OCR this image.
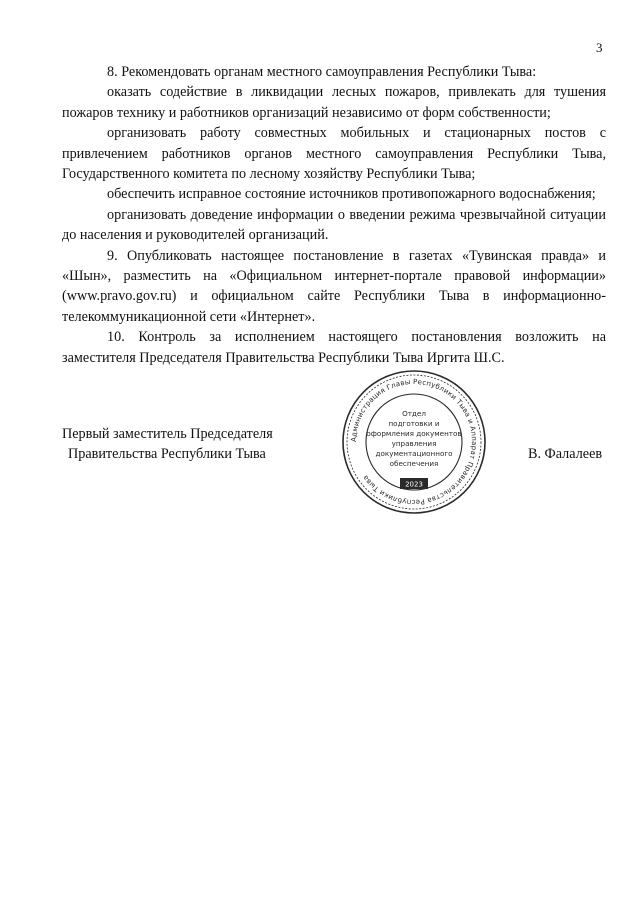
3

8. Рекомендовать органам местного самоуправления Республики Тыва:

оказать содействие в ликвидации лесных пожаров, привлекать для тушения пожаров технику и работников организаций независимо от форм собственности;

организовать работу совместных мобильных и стационарных постов с привлечением работников органов местного самоуправления Республики Тыва, Государственного комитета по лесному хозяйству Республики Тыва;

обеспечить исправное состояние источников противопожарного водоснабжения;

организовать доведение информации о введении режима чрезвычайной ситуации до населения и руководителей организаций.

9. Опубликовать настоящее постановление в газетах «Тувинская правда» и «Шын», разместить на «Официальном интернет-портале правовой информации» (www.pravo.gov.ru) и официальном сайте Республики Тыва в информационно-телекоммуникационной сети «Интернет».

10. Контроль за исполнением настоящего постановления возложить на заместителя Председателя Правительства Республики Тыва Иргита Ш.С.

Первый заместитель Председателя
Правительства Республики Тыва	В. Фалалеев
Администрация Главы Республики Тыва и Аппарат Правительства Республики Тыва
Отдел
подготовки и
оформления документов
управления
документационного
обеспечения
2023
